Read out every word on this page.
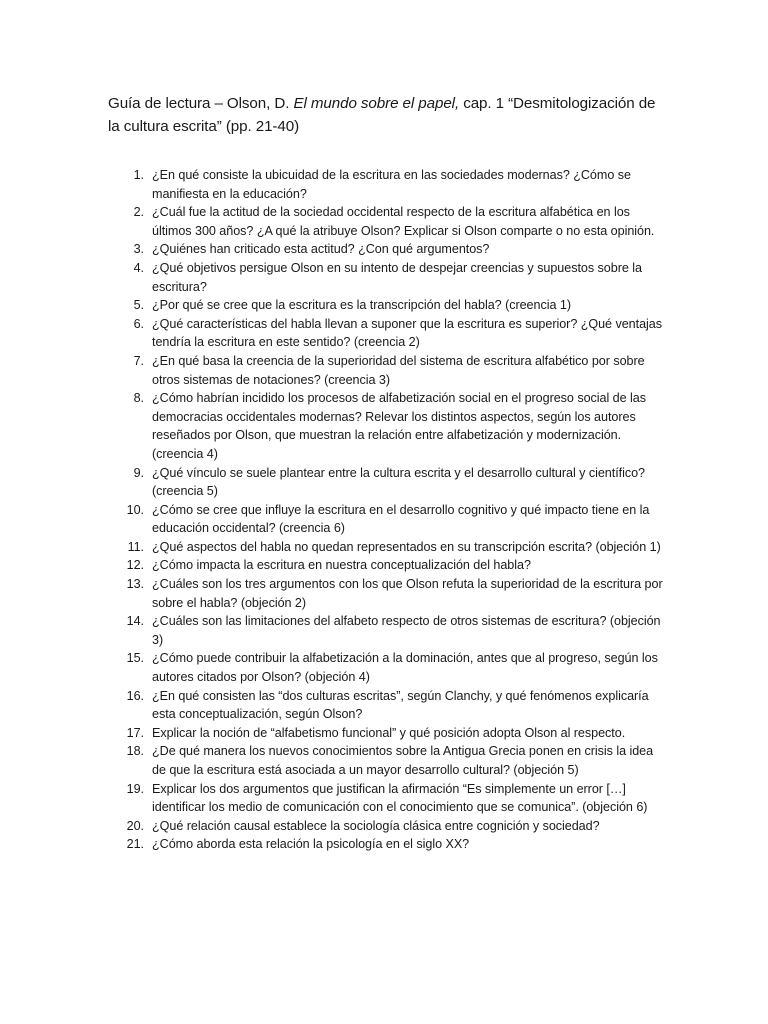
Guía de lectura – Olson, D. El mundo sobre el papel, cap. 1 “Desmitologización de la cultura escrita” (pp. 21-40)
1. ¿En qué consiste la ubicuidad de la escritura en las sociedades modernas? ¿Cómo se manifiesta en la educación?
2. ¿Cuál fue la actitud de la sociedad occidental respecto de la escritura alfabética en los últimos 300 años? ¿A qué la atribuye Olson? Explicar si Olson comparte o no esta opinión.
3. ¿Quiénes han criticado esta actitud? ¿Con qué argumentos?
4. ¿Qué objetivos persigue Olson en su intento de despejar creencias y supuestos sobre la escritura?
5. ¿Por qué se cree que la escritura es la transcripción del habla? (creencia 1)
6. ¿Qué características del habla llevan a suponer que la escritura es superior? ¿Qué ventajas tendría la escritura en este sentido? (creencia 2)
7. ¿En qué basa la creencia de la superioridad del sistema de escritura alfabético por sobre otros sistemas de notaciones? (creencia 3)
8. ¿Cómo habrían incidido los procesos de alfabetización social en el progreso social de las democracias occidentales modernas? Relevar los distintos aspectos, según los autores reseñados por Olson, que muestran la relación entre alfabetización y modernización. (creencia 4)
9. ¿Qué vínculo se suele plantear entre la cultura escrita y el desarrollo cultural y científico? (creencia 5)
10. ¿Cómo se cree que influye la escritura en el desarrollo cognitivo y qué impacto tiene en la educación occidental? (creencia 6)
11. ¿Qué aspectos del habla no quedan representados en su transcripción escrita? (objeción 1)
12. ¿Cómo impacta la escritura en nuestra conceptualización del habla?
13. ¿Cuáles son los tres argumentos con los que Olson refuta la superioridad de la escritura por sobre el habla? (objeción 2)
14. ¿Cuáles son las limitaciones del alfabeto respecto de otros sistemas de escritura? (objeción 3)
15. ¿Cómo puede contribuir la alfabetización a la dominación, antes que al progreso, según los autores citados por Olson? (objeción 4)
16. ¿En qué consisten las “dos culturas escritas”, según Clanchy, y qué fenómenos explicaría esta conceptualización, según Olson?
17. Explicar la noción de “alfabetismo funcional” y qué posición adopta Olson al respecto.
18. ¿De qué manera los nuevos conocimientos sobre la Antigua Grecia ponen en crisis la idea de que la escritura está asociada a un mayor desarrollo cultural? (objeción 5)
19. Explicar los dos argumentos que justifican la afirmación “Es simplemente un error […] identificar los medio de comunicación con el conocimiento que se comunica”. (objeción 6)
20. ¿Qué relación causal establece la sociología clásica entre cognición y sociedad?
21. ¿Cómo aborda esta relación la psicología en el siglo XX?
